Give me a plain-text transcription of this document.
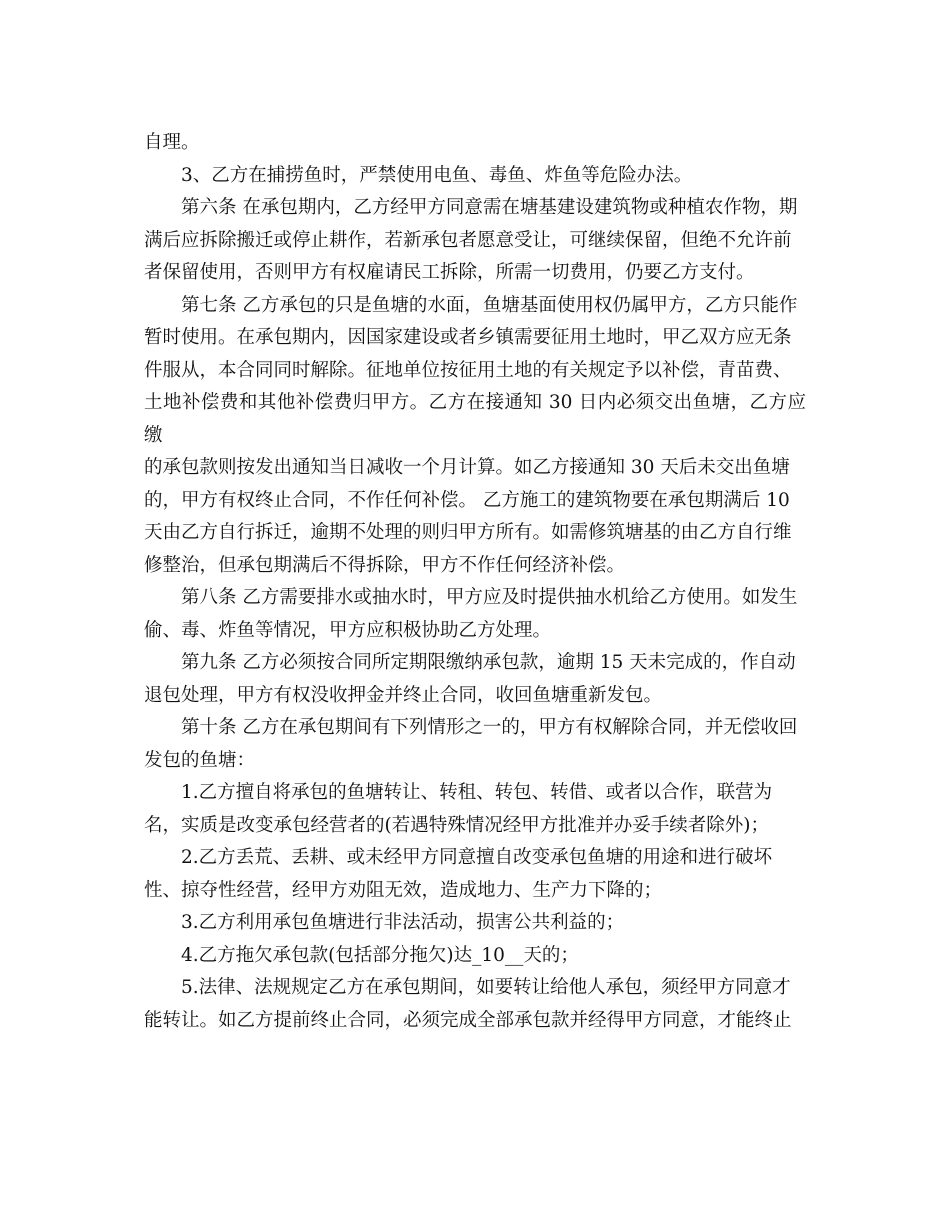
自理。

3、乙方在捕捞鱼时，严禁使用电鱼、毒鱼、炸鱼等危险办法。

第六条 在承包期内，乙方经甲方同意需在塘基建设建筑物或种植农作物，期
满后应拆除搬迁或停止耕作，若新承包者愿意受让，可继续保留，但绝不允许前
者保留使用，否则甲方有权雇请民工拆除，所需一切费用，仍要乙方支付。

第七条 乙方承包的只是鱼塘的水面，鱼塘基面使用权仍属甲方，乙方只能作
暂时使用。在承包期内，因国家建设或者乡镇需要征用土地时，甲乙双方应无条
件服从，本合同同时解除。征地单位按征用土地的有关规定予以补偿，青苗费、
土地补偿费和其他补偿费归甲方。乙方在接通知 30 日内必须交出鱼塘，乙方应缴
的承包款则按发出通知当日减收一个月计算。如乙方接通知 30 天后未交出鱼塘
的，甲方有权终止合同，不作任何补偿。 乙方施工的建筑物要在承包期满后 10
天由乙方自行拆迁，逾期不处理的则归甲方所有。如需修筑塘基的由乙方自行维
修整治，但承包期满后不得拆除，甲方不作任何经济补偿。

第八条 乙方需要排水或抽水时，甲方应及时提供抽水机给乙方使用。如发生
偷、毒、炸鱼等情况，甲方应积极协助乙方处理。

第九条 乙方必须按合同所定期限缴纳承包款，逾期 15 天未完成的，作自动
退包处理，甲方有权没收押金并终止合同，收回鱼塘重新发包。

第十条 乙方在承包期间有下列情形之一的，甲方有权解除合同，并无偿收回
发包的鱼塘：

1.乙方擅自将承包的鱼塘转让、转租、转包、转借、或者以合作，联营为
名，实质是改变承包经营者的(若遇特殊情况经甲方批准并办妥手续者除外)；

2.乙方丢荒、丢耕、或未经甲方同意擅自改变承包鱼塘的用途和进行破坏
性、掠夺性经营，经甲方劝阻无效，造成地力、生产力下降的；

3.乙方利用承包鱼塘进行非法活动，损害公共利益的；

4.乙方拖欠承包款(包括部分拖欠)达_10__天的；

5.法律、法规规定乙方在承包期间，如要转让给他人承包，须经甲方同意才
能转让。如乙方提前终止合同，必须完成全部承包款并经得甲方同意，才能终止
